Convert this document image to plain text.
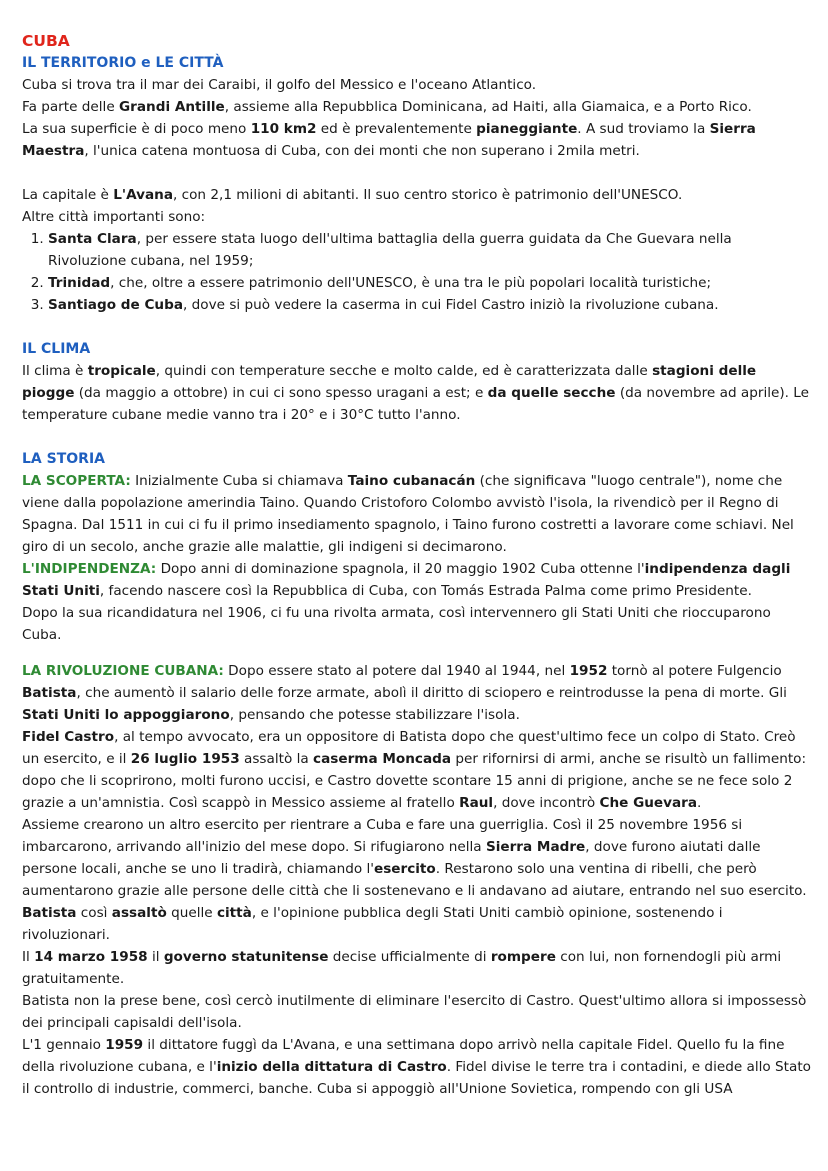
CUBA

IL TERRITORIO e LE CITTÀ

Cuba si trova tra il mar dei Caraibi, il golfo del Messico e l'oceano Atlantico.

Fa parte delle Grandi Antille, assieme alla Repubblica Dominicana, ad Haiti, alla Giamaica, e a Porto Rico.

La sua superficie è di poco meno 110 km2 ed è prevalentemente pianeggiante. A sud troviamo la Sierra Maestra, l'unica catena montuosa di Cuba, con dei monti che non superano i 2mila metri.

La capitale è L'Avana, con 2,1 milioni di abitanti. Il suo centro storico è patrimonio dell'UNESCO.

Altre città importanti sono:

1. Santa Clara, per essere stata luogo dell'ultima battaglia della guerra guidata da Che Guevara nella Rivoluzione cubana, nel 1959;
2. Trinidad, che, oltre a essere patrimonio dell'UNESCO, è una tra le più popolari località turistiche;
3. Santiago de Cuba, dove si può vedere la caserma in cui Fidel Castro iniziò la rivoluzione cubana.

IL CLIMA

Il clima è tropicale, quindi con temperature secche e molto calde, ed è caratterizzata dalle stagioni delle piogge (da maggio a ottobre) in cui ci sono spesso uragani a est; e da quelle secche (da novembre ad aprile). Le temperature cubane medie vanno tra i 20° e i 30°C tutto l'anno.

LA STORIA

LA SCOPERTA: Inizialmente Cuba si chiamava Taino cubanacán (che significava "luogo centrale"), nome che viene dalla popolazione amerindia Taino. Quando Cristoforo Colombo avvistò l'isola, la rivendicò per il Regno di Spagna. Dal 1511 in cui ci fu il primo insediamento spagnolo, i Taino furono costretti a lavorare come schiavi. Nel giro di un secolo, anche grazie alle malattie, gli indigeni si decimarono.

L'INDIPENDENZA: Dopo anni di dominazione spagnola, il 20 maggio 1902 Cuba ottenne l'indipendenza dagli Stati Uniti, facendo nascere così la Repubblica di Cuba, con Tomás Estrada Palma come primo Presidente.

Dopo la sua ricandidatura nel 1906, ci fu una rivolta armata, così intervennero gli Stati Uniti che rioccuparono Cuba.

LA RIVOLUZIONE CUBANA: Dopo essere stato al potere dal 1940 al 1944, nel 1952 tornò al potere Fulgencio Batista, che aumentò il salario delle forze armate, abolì il diritto di sciopero e reintrodusse la pena di morte. Gli Stati Uniti lo appoggiarono, pensando che potesse stabilizzare l'isola.

Fidel Castro, al tempo avvocato, era un oppositore di Batista dopo che quest'ultimo fece un colpo di Stato. Creò un esercito, e il 26 luglio 1953 assaltò la caserma Moncada per rifornirsi di armi, anche se risultò un fallimento: dopo che li scoprirono, molti furono uccisi, e Castro dovette scontare 15 anni di prigione, anche se ne fece solo 2 grazie a un'amnistia. Così scappò in Messico assieme al fratello Raul, dove incontrò Che Guevara.

Assieme crearono un altro esercito per rientrare a Cuba e fare una guerriglia. Così il 25 novembre 1956 si imbarcarono, arrivando all'inizio del mese dopo. Si rifugiarono nella Sierra Madre, dove furono aiutati dalle persone locali, anche se uno li tradirà, chiamando l'esercito. Restarono solo una ventina di ribelli, che però aumentarono grazie alle persone delle città che li sostenevano e li andavano ad aiutare, entrando nel suo esercito.

Batista così assaltò quelle città, e l'opinione pubblica degli Stati Uniti cambiò opinione, sostenendo i rivoluzionari.

Il 14 marzo 1958 il governo statunitense decise ufficialmente di rompere con lui, non fornendogli più armi gratuitamente.

Batista non la prese bene, così cercò inutilmente di eliminare l'esercito di Castro. Quest'ultimo allora si impossessò dei principali capisaldi dell'isola.

L'1 gennaio 1959 il dittatore fuggì da L'Avana, e una settimana dopo arrivò nella capitale Fidel. Quello fu la fine della rivoluzione cubana, e l'inizio della dittatura di Castro. Fidel divise le terre tra i contadini, e diede allo Stato il controllo di industrie, commerci, banche. Cuba si appoggiò all'Unione Sovietica, rompendo con gli USA
